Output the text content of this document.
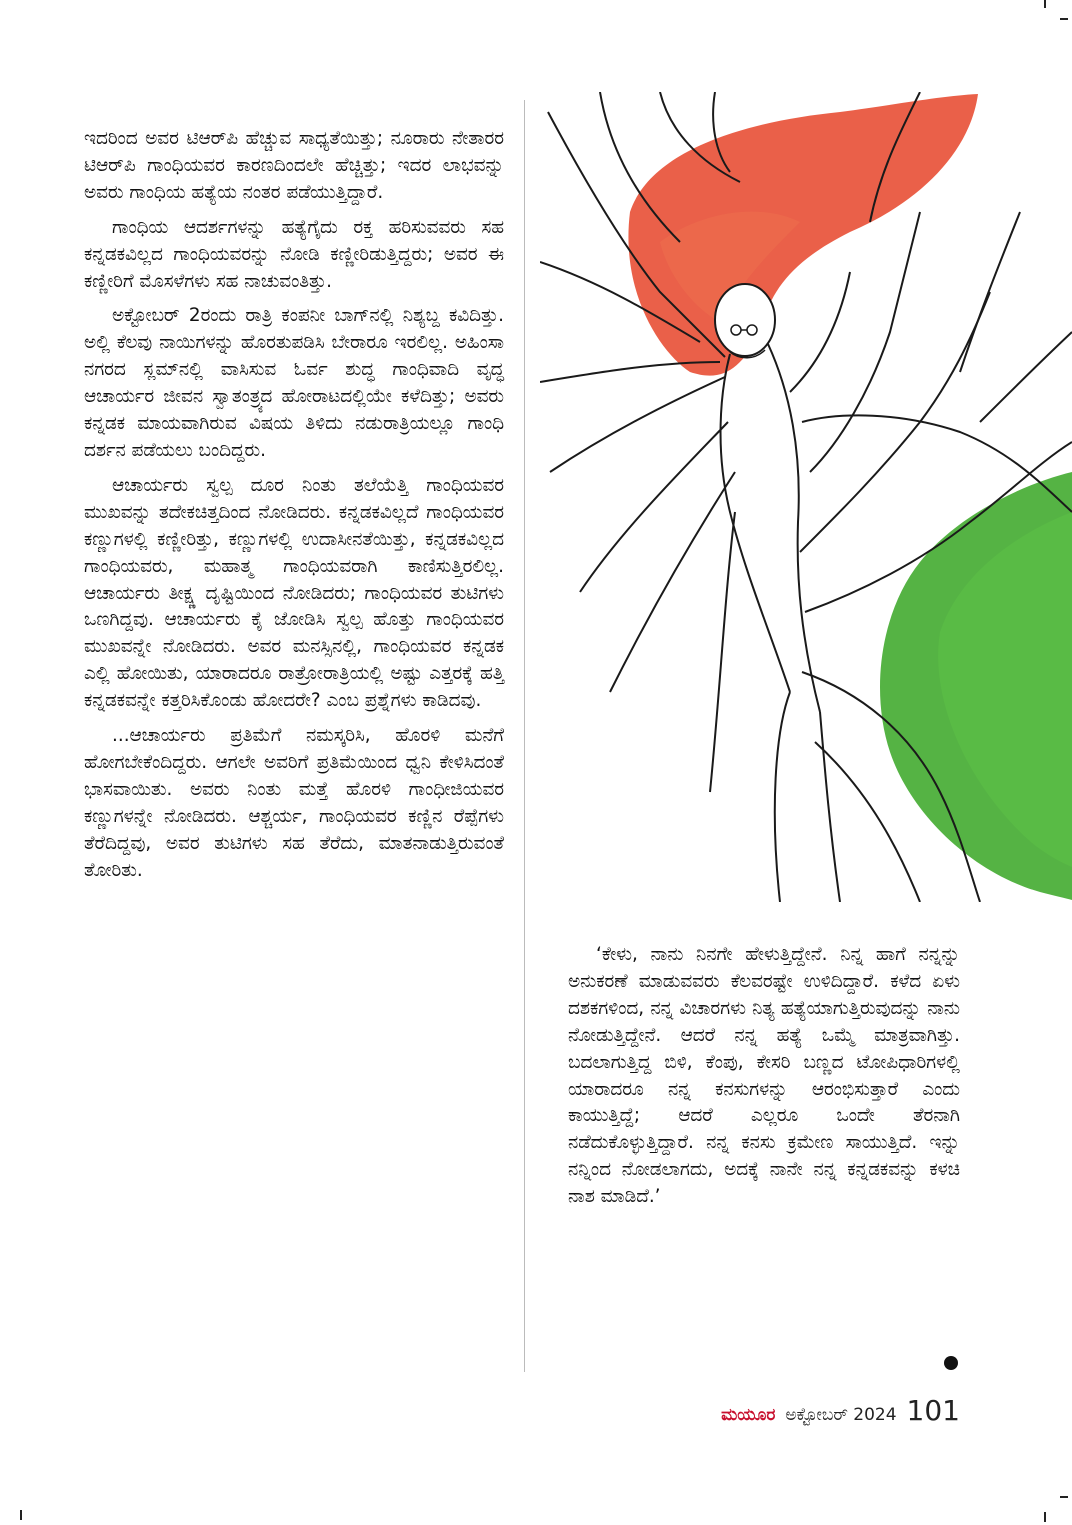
ಇದರಿಂದ ಅವರ ಟಿಆರ್‌ಪಿ ಹೆಚ್ಚುವ ಸಾಧ್ಯತೆಯಿತ್ತು; ನೂರಾರು ನೇತಾರರ ಟಿಆರ್‌ಪಿ ಗಾಂಧಿಯವರ ಕಾರಣದಿಂದಲೇ ಹೆಚ್ಚಿತ್ತು; ಇದರ ಲಾಭವನ್ನು ಅವರು ಗಾಂಧಿಯ ಹತ್ಯೆಯ ನಂತರ ಪಡೆಯುತ್ತಿದ್ದಾರೆ.

ಗಾಂಧಿಯ ಆದರ್ಶಗಳನ್ನು ಹತ್ಯೆಗೈದು ರಕ್ತ ಹರಿಸುವವರು ಸಹ ಕನ್ನಡಕವಿಲ್ಲದ ಗಾಂಧಿಯವರನ್ನು ನೋಡಿ ಕಣ್ಣೀರಿಡುತ್ತಿದ್ದರು; ಅವರ ಈ ಕಣ್ಣೀರಿಗೆ ಮೊಸಳೆಗಳು ಸಹ ನಾಚುವಂತಿತ್ತು.

ಅಕ್ಟೋಬರ್ 2ರಂದು ರಾತ್ರಿ ಕಂಪನೀ ಬಾಗ್‌ನಲ್ಲಿ ನಿಶ್ಯಬ್ದ ಕವಿದಿತ್ತು. ಅಲ್ಲಿ ಕೆಲವು ನಾಯಿಗಳನ್ನು ಹೊರತುಪಡಿಸಿ ಬೇರಾರೂ ಇರಲಿಲ್ಲ. ಅಹಿಂಸಾ ನಗರದ ಸ್ಲಮ್‌ನಲ್ಲಿ ವಾಸಿಸುವ ಓರ್ವ ಶುದ್ಧ ಗಾಂಧಿವಾದಿ ವೃದ್ಧ ಆಚಾರ್ಯರ ಜೀವನ ಸ್ವಾತಂತ್ರ್ಯದ ಹೋರಾಟದಲ್ಲಿಯೇ ಕಳೆದಿತ್ತು; ಅವರು ಕನ್ನಡಕ ಮಾಯವಾಗಿರುವ ವಿಷಯ ತಿಳಿದು ನಡುರಾತ್ರಿಯಲ್ಲೂ ಗಾಂಧಿ ದರ್ಶನ ಪಡೆಯಲು ಬಂದಿದ್ದರು.

ಆಚಾರ್ಯರು ಸ್ವಲ್ಪ ದೂರ ನಿಂತು ತಲೆಯೆತ್ತಿ ಗಾಂಧಿಯವರ ಮುಖವನ್ನು ತದೇಕಚಿತ್ತದಿಂದ ನೋಡಿದರು. ಕನ್ನಡಕವಿಲ್ಲದೆ ಗಾಂಧಿಯವರ ಕಣ್ಣುಗಳಲ್ಲಿ ಕಣ್ಣೀರಿತ್ತು, ಕಣ್ಣುಗಳಲ್ಲಿ ಉದಾಸೀನತೆಯಿತ್ತು, ಕನ್ನಡಕವಿಲ್ಲದ ಗಾಂಧಿಯವರು, ಮಹಾತ್ಮ ಗಾಂಧಿಯವರಾಗಿ ಕಾಣಿಸುತ್ತಿರಲಿಲ್ಲ. ಆಚಾರ್ಯರು ತೀಕ್ಷ್ಣ ದೃಷ್ಟಿಯಿಂದ ನೋಡಿದರು; ಗಾಂಧಿಯವರ ತುಟಿಗಳು ಒಣಗಿದ್ದವು. ಆಚಾರ್ಯರು ಕೈ ಜೋಡಿಸಿ ಸ್ವಲ್ಪ ಹೊತ್ತು ಗಾಂಧಿಯವರ ಮುಖವನ್ನೇ ನೋಡಿದರು. ಅವರ ಮನಸ್ಸಿನಲ್ಲಿ, ಗಾಂಧಿಯವರ ಕನ್ನಡಕ ಎಲ್ಲಿ ಹೋಯಿತು, ಯಾರಾದರೂ ರಾತ್ರೋರಾತ್ರಿಯಲ್ಲಿ ಅಷ್ಟು ಎತ್ತರಕ್ಕೆ ಹತ್ತಿ ಕನ್ನಡಕವನ್ನೇ ಕತ್ತರಿಸಿಕೊಂಡು ಹೋದರೇ? ಎಂಬ ಪ್ರಶ್ನೆಗಳು ಕಾಡಿದವು.

...ಆಚಾರ್ಯರು ಪ್ರತಿಮೆಗೆ ನಮಸ್ಕರಿಸಿ, ಹೊರಳಿ ಮನೆಗೆ ಹೋಗಬೇಕೆಂದಿದ್ದರು. ಆಗಲೇ ಅವರಿಗೆ ಪ್ರತಿಮೆಯಿಂದ ಧ್ವನಿ ಕೇಳಿಸಿದಂತೆ ಭಾಸವಾಯಿತು. ಅವರು ನಿಂತು ಮತ್ತೆ ಹೊರಳಿ ಗಾಂಧೀಜಿಯವರ ಕಣ್ಣುಗಳನ್ನೇ ನೋಡಿದರು. ಆಶ್ಚರ್ಯ, ಗಾಂಧಿಯವರ ಕಣ್ಣಿನ ರೆಪ್ಪೆಗಳು ತೆರೆದಿದ್ದವು, ಅವರ ತುಟಿಗಳು ಸಹ ತೆರೆದು, ಮಾತನಾಡುತ್ತಿರುವಂತೆ ತೋರಿತು.

‘ಕೇಳು, ನಾನು ನಿನಗೇ ಹೇಳುತ್ತಿದ್ದೇನೆ. ನಿನ್ನ ಹಾಗೆ ನನ್ನನ್ನು ಅನುಕರಣೆ ಮಾಡುವವರು ಕೆಲವರಷ್ಟೇ ಉಳಿದಿದ್ದಾರೆ. ಕಳೆದ ಏಳು ದಶಕಗಳಿಂದ, ನನ್ನ ವಿಚಾರಗಳು ನಿತ್ಯ ಹತ್ಯೆಯಾಗುತ್ತಿರುವುದನ್ನು ನಾನು ನೋಡುತ್ತಿದ್ದೇನೆ. ಆದರೆ ನನ್ನ ಹತ್ಯೆ ಒಮ್ಮೆ ಮಾತ್ರವಾಗಿತ್ತು. ಬದಲಾಗುತ್ತಿದ್ದ ಬಿಳಿ, ಕೆಂಪು, ಕೇಸರಿ ಬಣ್ಣದ ಟೋಪಿಧಾರಿಗಳಲ್ಲಿ ಯಾರಾದರೂ ನನ್ನ ಕನಸುಗಳನ್ನು ಆರಂಭಿಸುತ್ತಾರೆ ಎಂದು ಕಾಯುತ್ತಿದ್ದೆ; ಆದರೆ ಎಲ್ಲರೂ ಒಂದೇ ತೆರನಾಗಿ ನಡೆದುಕೊಳ್ಳುತ್ತಿದ್ದಾರೆ. ನನ್ನ ಕನಸು ಕ್ರಮೇಣ ಸಾಯುತ್ತಿದೆ. ಇನ್ನು ನನ್ನಿಂದ ನೋಡಲಾಗದು, ಅದಕ್ಕೆ ನಾನೇ ನನ್ನ ಕನ್ನಡಕವನ್ನು ಕಳಚಿ ನಾಶ ಮಾಡಿದೆ.’

ಮಯೂರ ಅಕ್ಟೋಬರ್ 2024 101
